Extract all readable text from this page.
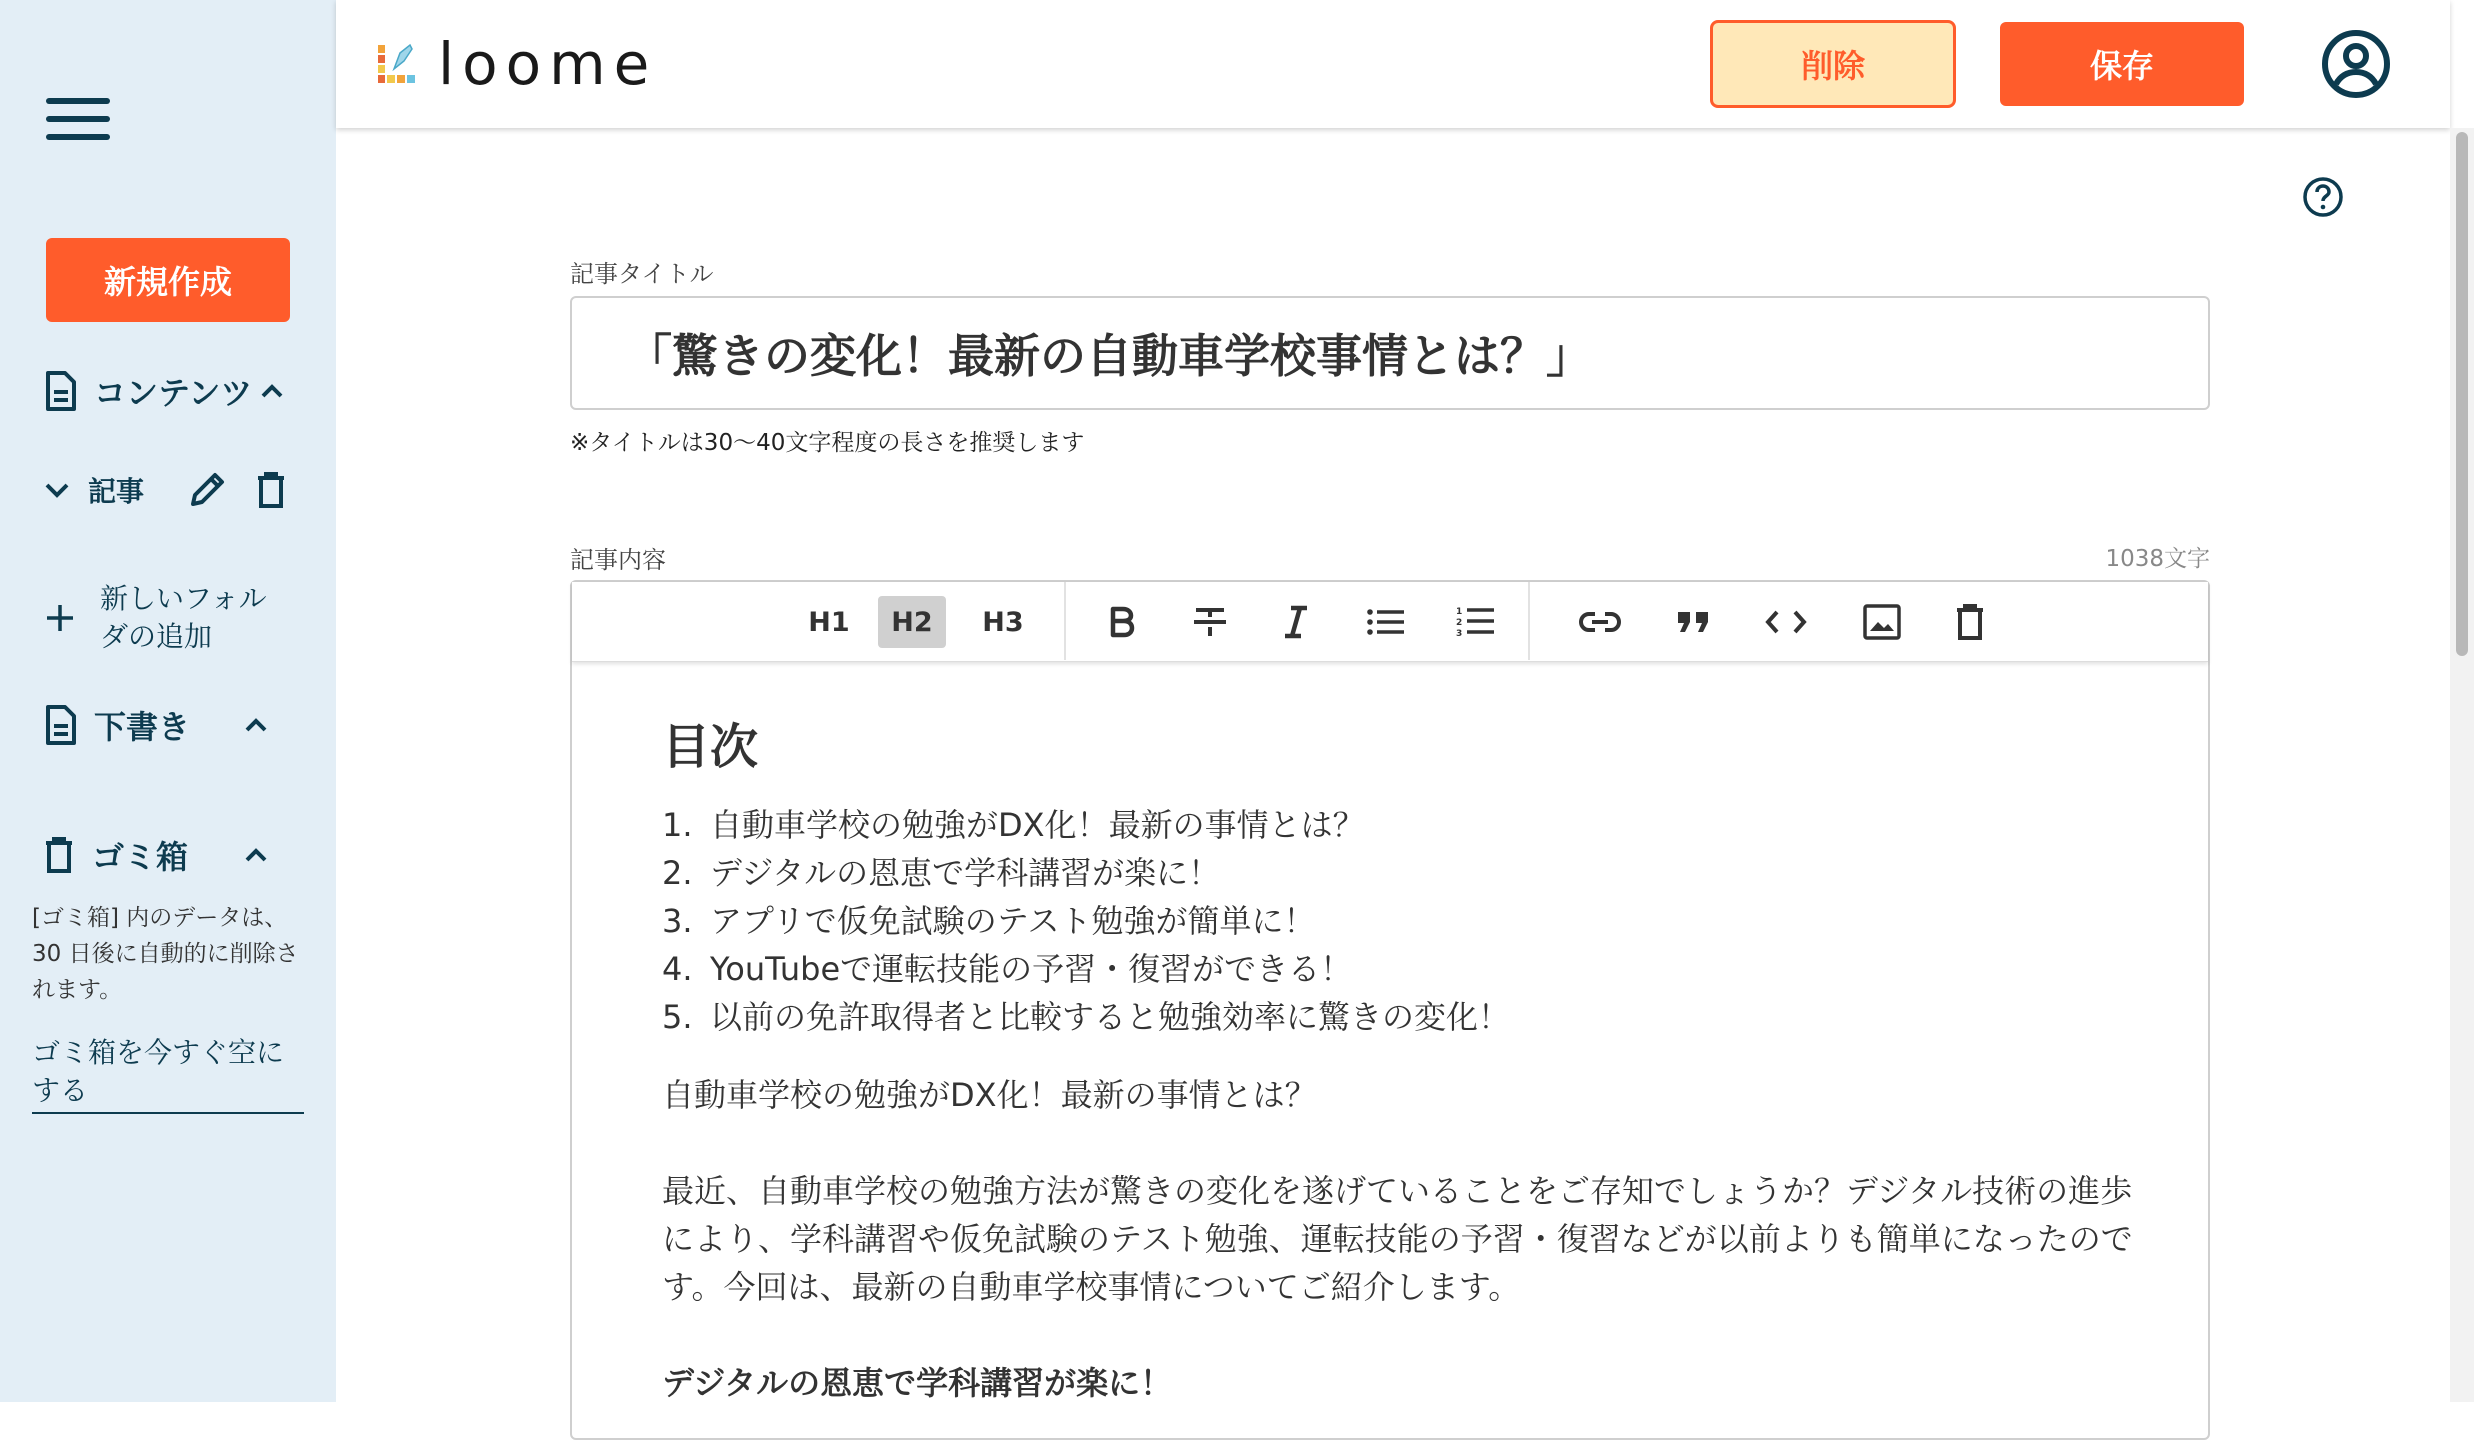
新規作成
コンテンツ
記事
新しいフォルダの追加
下書き
ゴミ箱
[ゴミ箱] 内のデータは、30 日後に自動的に削除されます。
ゴミ箱を今すぐ空にする
loome	削除	保存
記事タイトル
「驚きの変化！最新の自動車学校事情とは？」
※タイトルは30〜40文字程度の長さを推奨します
記事内容	1038文字
H1	H2	H3	1
2
3
目次
1. 自動車学校の勉強がDX化！最新の事情とは？
2. デジタルの恩恵で学科講習が楽に！
3. アプリで仮免試験のテスト勉強が簡単に！
4. YouTubeで運転技能の予習・復習ができる！
5. 以前の免許取得者と比較すると勉強効率に驚きの変化！

自動車学校の勉強がDX化！最新の事情とは？

最近、自動車学校の勉強方法が驚きの変化を遂げていることをご存知でしょうか？デジタル技術の進歩により、学科講習や仮免試験のテスト勉強、運転技能の予習・復習などが以前よりも簡単になったのです。今回は、最新の自動車学校事情についてご紹介します。

デジタルの恩恵で学科講習が楽に！
